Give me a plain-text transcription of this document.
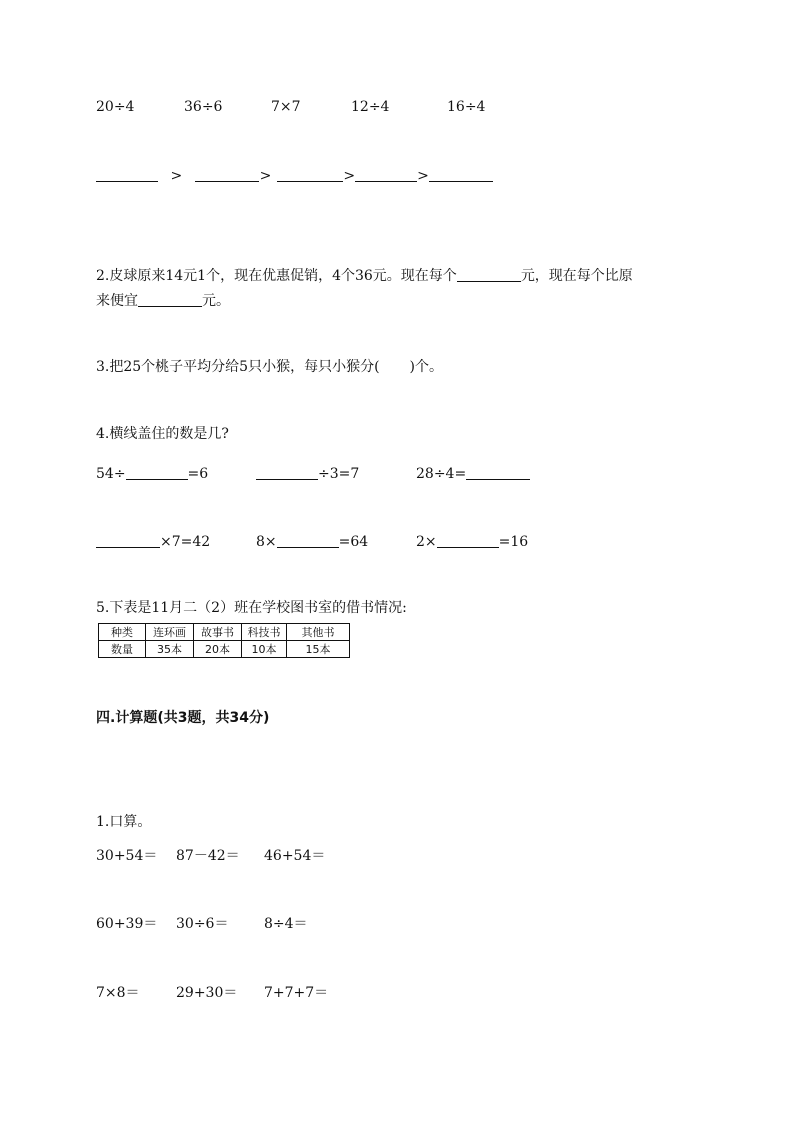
20÷4	36÷6	7×7	12÷4	16÷4
>	>	>	>
2.皮球原来14元1个，现在优惠促销，4个36元。现在每个	元，现在每个比原
来便宜	元。
3.把25个桃子平均分给5只小猴，每只小猴分( )个。
4.横线盖住的数是几?
54÷	=6	÷3=7	28÷4=
×7=42	8×	=64	2×	=16
5.下表是11月二（2）班在学校图书室的借书情况:
种类	连环画	故事书	科技书	其他书
数量	35本	20本	10本	15本
四.计算题(共3题，共34分)
1.口算。
30+54＝ 87－42＝ 46+54＝
60+39＝ 30÷6＝	8÷4＝
7×8＝	29+30＝ 7+7+7＝
